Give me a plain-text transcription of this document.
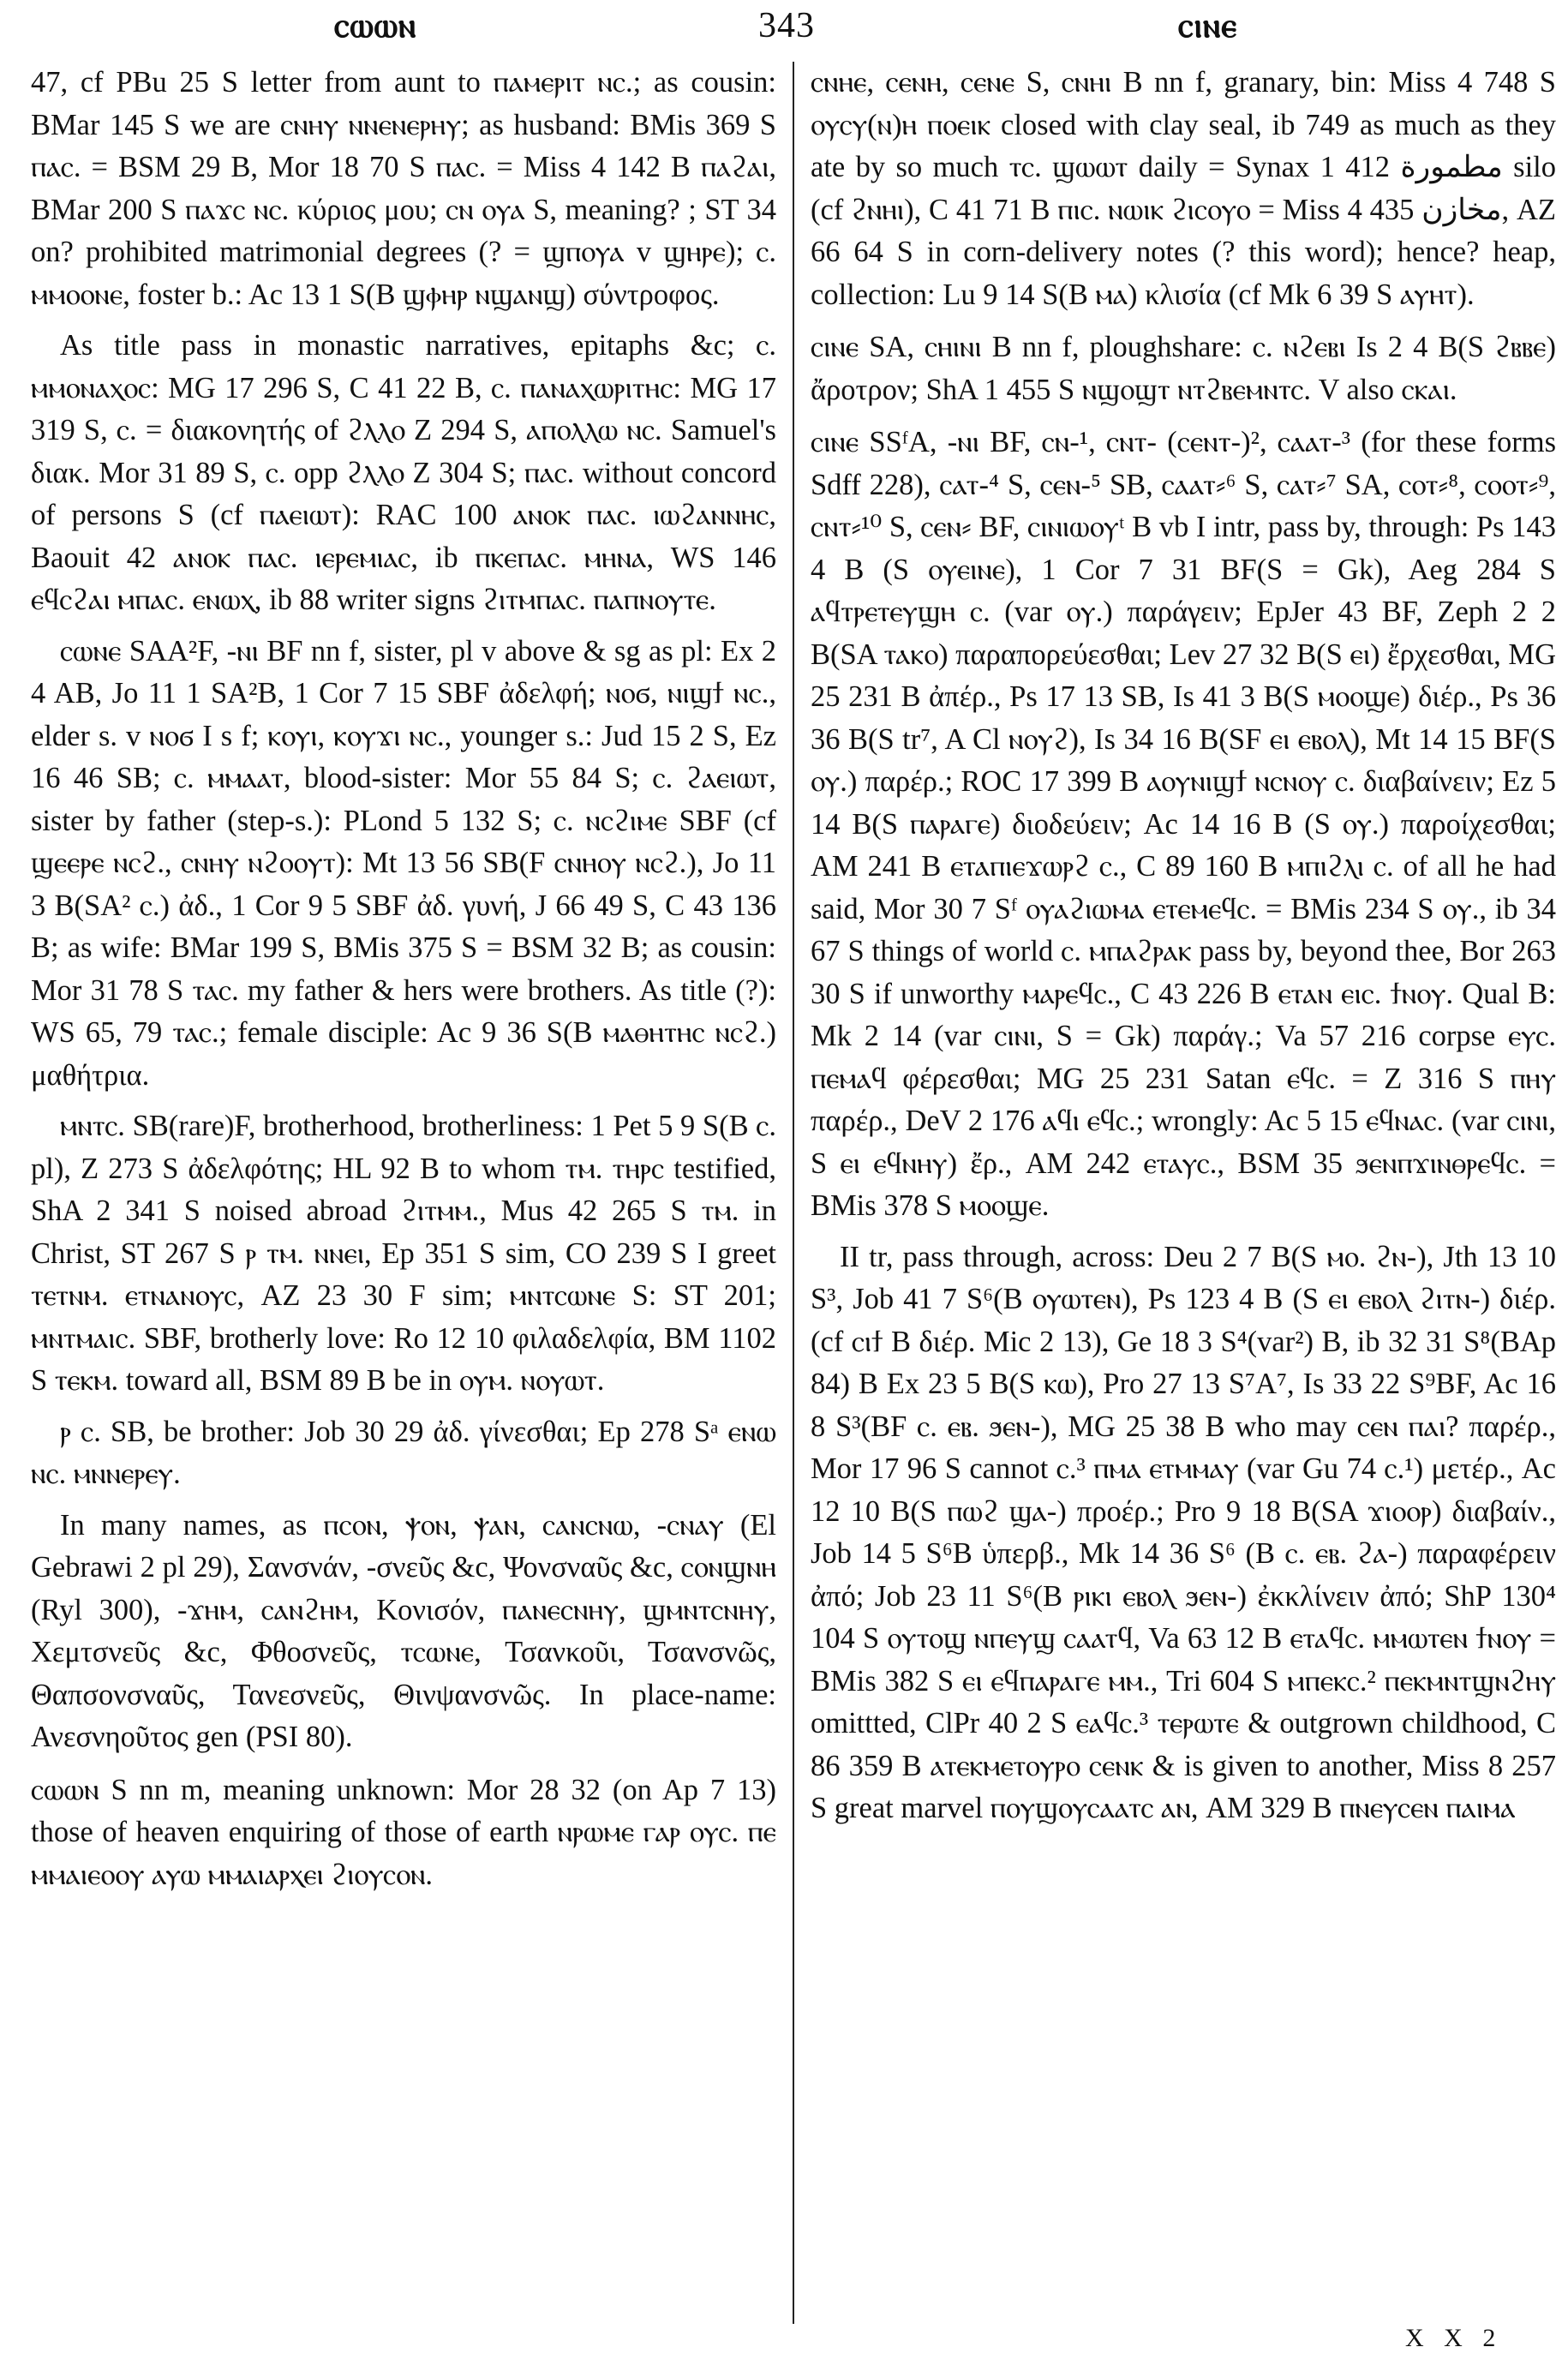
ⲥⲱⲱⲛ	343	ⲥⲓⲛⲉ

47, cf PBu 25 S letter from aunt to ⲡⲁⲙⲉⲣⲓⲧ ⲛⲥ.; as cousin: BMar 145 S we are ⲥⲛⲏⲩ ⲛⲛⲉⲛⲉⲣⲏⲩ; as husband: BMis 369 S ⲡⲁⲥ. = BSM 29 B, Mor 18 70 S ⲡⲁⲥ. = Miss 4 142 B ⲡⲁϩⲁⲓ, BMar 200 S ⲡⲁϫⲥ ⲛⲥ. κύριος μου; ⲥⲛ ⲟⲩⲁ S, meaning? ; ST 34 on? prohibited matrimonial degrees (? = ϣⲡⲟⲩⲁ v ϣⲏⲣⲉ); ⲥ. ⲙⲙⲟⲟⲛⲉ, foster b.: Ac 13 1 S(B ϣⲫⲏⲣ ⲛϣⲁⲛϣ) σύντροφος.

As title pass in monastic narratives, epitaphs &c; ⲥ. ⲙⲙⲟⲛⲁⲭⲟⲥ: MG 17 296 S, C 41 22 B, ⲥ. ⲡⲁⲛⲁⲭⲱⲣⲓⲧⲏⲥ: MG 17 319 S, ⲥ. = διακονητής of ϩⲗⲗⲟ Z 294 S, ⲁⲡⲟⲗⲗⲱ ⲛⲥ. Samuel's διακ. Mor 31 89 S, ⲥ. opp ϩⲗⲗⲟ Z 304 S; ⲡⲁⲥ. without concord of persons S (cf ⲡⲁⲉⲓⲱⲧ): RAC 100 ⲁⲛⲟⲕ ⲡⲁⲥ. ⲓⲱϩⲁⲛⲛⲏⲥ, Baouit 42 ⲁⲛⲟⲕ ⲡⲁⲥ. ⲓⲉⲣⲉⲙⲓⲁⲥ, ib ⲡⲕⲉⲡⲁⲥ. ⲙⲏⲛⲁ, WS 146 ⲉϥⲥϩⲁⲓ ⲙⲡⲁⲥ. ⲉⲛⲱⲭ, ib 88 writer signs ϩⲓⲧⲙⲡⲁⲥ. ⲡⲁⲡⲛⲟⲩⲧⲉ.

ⲥⲱⲛⲉ SAA²F, -ⲛⲓ BF nn f, sister, pl v above & sg as pl: Ex 2 4 AB, Jo 11 1 SA²B, 1 Cor 7 15 SBF ἀδελφή; ⲛⲟϭ, ⲛⲓϣϯ ⲛⲥ., elder s. v ⲛⲟϭ I s f; ⲕⲟⲩⲓ, ⲕⲟⲩϫⲓ ⲛⲥ., younger s.: Jud 15 2 S, Ez 16 46 SB; ⲥ. ⲙⲙⲁⲁⲧ, blood-sister: Mor 55 84 S; ⲥ. ϩⲁⲉⲓⲱⲧ, sister by father (step-s.): PLond 5 132 S; ⲥ. ⲛⲥϩⲓⲙⲉ SBF (cf ϣⲉⲉⲣⲉ ⲛⲥϩ., ⲥⲛⲏⲩ ⲛϩⲟⲟⲩⲧ): Mt 13 56 SB(F ⲥⲛⲏⲟⲩ ⲛⲥϩ.), Jo 11 3 B(SA² ⲥ.) ἀδ., 1 Cor 9 5 SBF ἀδ. γυνή, J 66 49 S, C 43 136 B; as wife: BMar 199 S, BMis 375 S = BSM 32 B; as cousin: Mor 31 78 S ⲧⲁⲥ. my father & hers were brothers. As title (?): WS 65, 79 ⲧⲁⲥ.; female disciple: Ac 9 36 S(B ⲙⲁⲑⲏⲧⲏⲥ ⲛⲥϩ.) μαθήτρια.

ⲙⲛⲧⲥ. SB(rare)F, brotherhood, brotherliness: 1 Pet 5 9 S(B ⲥ. pl), Z 273 S ἀδελφότης; HL 92 B to whom ⲧⲙ. ⲧⲏⲣⲥ testified, ShA 2 341 S noised abroad ϩⲓⲧⲙⲙ., Mus 42 265 S ⲧⲙ. in Christ, ST 267 S ⲣ ⲧⲙ. ⲛⲛⲉⲓ, Ep 351 S sim, CO 239 S I greet ⲧⲉⲧⲛⲙ. ⲉⲧⲛⲁⲛⲟⲩⲥ, AZ 23 30 F sim; ⲙⲛⲧⲥⲱⲛⲉ S: ST 201; ⲙⲛⲧⲙⲁⲓⲥ. SBF, brotherly love: Ro 12 10 φιλαδελφία, BM 1102 S ⲧⲉⲕⲙ. toward all, BSM 89 B be in ⲟⲩⲙ. ⲛⲟⲩⲱⲧ.

ⲣ ⲥ. SB, be brother: Job 30 29 ἀδ. γίνεσθαι; Ep 278 Sᵃ ⲉⲛⲱ ⲛⲥ. ⲙⲛⲛⲉⲣⲉⲩ.

In many names, as ⲡⲥⲟⲛ, ⲯⲟⲛ, ⲯⲁⲛ, ⲥⲁⲛⲥⲛⲱ, -ⲥⲛⲁⲩ (El Gebrawi 2 pl 29), Σανσνάν, -σνεῦς &c, Ψονσναῦς &c, ⲥⲟⲛϣⲛⲏ (Ryl 300), -ϫⲏⲙ, ⲥⲁⲛϩⲏⲙ, Κονισόν, ⲡⲁⲛⲉⲥⲛⲏⲩ, ϣⲙⲛⲧⲥⲛⲏⲩ, Χεμτσνεῦς &c, Φθοσνεῦς, ⲧⲥⲱⲛⲉ, Τσανκοῦι, Τσανσνῶς, Θαπσονσναῦς, Τανεσνεῦς, Θινψανσνῶς. In place-name: Ανεσνηοῦτος gen (PSI 80).

ⲥⲱⲱⲛ S nn m, meaning unknown: Mor 28 32 (on Ap 7 13) those of heaven enquiring of those of earth ⲛⲣⲱⲙⲉ ⲅⲁⲣ ⲟⲩⲥ. ⲡⲉ ⲙⲙⲁⲓⲉⲟⲟⲩ ⲁⲩⲱ ⲙⲙⲁⲓⲁⲣⲭⲉⲓ ϩⲓⲟⲩⲥⲟⲛ.

ⲥⲛⲏⲉ, ⲥⲉⲛⲏ, ⲥⲉⲛⲉ S, ⲥⲛⲏⲓ B nn f, granary, bin: Miss 4 748 S ⲟⲩⲥⲩ(ⲛ)ⲏ ⲡⲟⲉⲓⲕ closed with clay seal, ib 749 as much as they ate by so much ⲧⲥ. ϣⲱⲱⲧ daily = Synax 1 412 مطمورة silo (cf ϩⲛⲏⲓ), C 41 71 B ⲡⲓⲥ. ⲛⲱⲓⲕ ϩⲓⲥⲟⲩⲟ = Miss 4 435 مخازن, AZ 66 64 S in corn-delivery notes (? this word); hence? heap, collection: Lu 9 14 S(B ⲙⲁ) κλισία (cf Mk 6 39 S ⲁⲩⲏⲧ).

ⲥⲓⲛⲉ SA, ⲥⲏⲓⲛⲓ B nn f, ploughshare: ⲥ. ⲛϩⲉⲃⲓ Is 2 4 B(S ϩⲃⲃⲉ) ἄροτρον; ShA 1 455 S ⲛϣⲟϣⲧ ⲛⲧϩⲃⲉⲙⲛⲧⲥ. V also ⲥⲕⲁⲓ.

ⲥⲓⲛⲉ SSᶠA, -ⲛⲓ BF, ⲥⲛ-¹, ⲥⲛⲧ- (ⲥⲉⲛⲧ-)², ⲥⲁⲁⲧ-³ (for these forms Sdff 228), ⲥⲁⲧ-⁴ S, ⲥⲉⲛ-⁵ SB, ⲥⲁⲁⲧ⸗⁶ S, ⲥⲁⲧ⸗⁷ SA, ⲥⲟⲧ⸗⁸, ⲥⲟⲟⲧ⸗⁹, ⲥⲛⲧ⸗¹⁰ S, ⲥⲉⲛ⸗ BF, ⲥⲓⲛⲓⲱⲟⲩᵗ B vb I intr, pass by, through: Ps 143 4 B (S ⲟⲩⲉⲓⲛⲉ), 1 Cor 7 31 BF(S = Gk), Aeg 284 S ⲁϥⲧⲣⲉⲧⲉⲩϣⲏ ⲥ. (var ⲟⲩ.) παράγειν; EpJer 43 BF, Zeph 2 2 B(SA ⲧⲁⲕⲟ) παραπορεύεσθαι; Lev 27 32 B(S ⲉⲓ) ἔρχεσθαι, MG 25 231 B ἀπέρ., Ps 17 13 SB, Is 41 3 B(S ⲙⲟⲟϣⲉ) διέρ., Ps 36 36 B(S tr⁷, A Cl ⲛⲟⲩϩ), Is 34 16 B(SF ⲉⲓ ⲉⲃⲟⲗ), Mt 14 15 BF(S ⲟⲩ.) παρέρ.; ROC 17 399 B ⲁⲟⲩⲛⲓϣϯ ⲛⲥⲛⲟⲩ ⲥ. διαβαίνειν; Ez 5 14 B(S ⲡⲁⲣⲁⲅⲉ) διοδεύειν; Ac 14 16 B (S ⲟⲩ.) παροίχεσθαι; AM 241 B ⲉⲧⲁⲡⲓⲉϫⲱⲣϩ ⲥ., C 89 160 B ⲙⲡⲓϩⲗⲓ ⲥ. of all he had said, Mor 30 7 Sᶠ ⲟⲩⲁϩⲓⲱⲙⲁ ⲉⲧⲉⲙⲉϥⲥ. = BMis 234 S ⲟⲩ., ib 34 67 S things of world ⲥ. ⲙⲡⲁϩⲣⲁⲕ pass by, beyond thee, Bor 263 30 S if unworthy ⲙⲁⲣⲉϥⲥ., C 43 226 B ⲉⲧⲁⲛ ⲉⲓⲥ. ϯⲛⲟⲩ. Qual B: Mk 2 14 (var ⲥⲓⲛⲓ, S = Gk) παράγ.; Va 57 216 corpse ⲉⲩⲥ. ⲡⲉⲙⲁϥ φέρεσθαι; MG 25 231 Satan ⲉϥⲥ. = Z 316 S ⲡⲏⲩ παρέρ., DeV 2 176 ⲁϥⲓ ⲉϥⲥ.; wrongly: Ac 5 15 ⲉϥⲛⲁⲥ. (var ⲥⲓⲛⲓ, S ⲉⲓ ⲉϥⲛⲏⲩ) ἔρ., AM 242 ⲉⲧⲁⲩⲥ., BSM 35 ϧⲉⲛⲡϫⲓⲛⲑⲣⲉϥⲥ. = BMis 378 S ⲙⲟⲟϣⲉ.

II tr, pass through, across: Deu 2 7 B(S ⲙⲟ. ϩⲛ-), Jth 13 10 S³, Job 41 7 S⁶(B ⲟⲩⲱⲧⲉⲛ), Ps 123 4 B (S ⲉⲓ ⲉⲃⲟⲗ ϩⲓⲧⲛ-) διέρ. (cf ⲥⲓϯ B διέρ. Mic 2 13), Ge 18 3 S⁴(var²) B, ib 32 31 S⁸(BAp 84) B Ex 23 5 B(S ⲕⲱ), Pro 27 13 S⁷A⁷, Is 33 22 S⁹BF, Ac 16 8 S³(BF ⲥ. ⲉⲃ. ϧⲉⲛ-), MG 25 38 B who may ⲥⲉⲛ ⲡⲁⲓ? παρέρ., Mor 17 96 S cannot ⲥ.³ ⲡⲙⲁ ⲉⲧⲙⲙⲁⲩ (var Gu 74 ⲥ.¹) μετέρ., Ac 12 10 B(S ⲡⲱϩ ϣⲁ-) προέρ.; Pro 9 18 B(SA ϫⲓⲟⲟⲣ) διαβαίν., Job 14 5 S⁶B ὑπερβ., Mk 14 36 S⁶ (B ⲥ. ⲉⲃ. ϩⲁ-) παραφέρειν ἀπό; Job 23 11 S⁶(B ⲣⲓⲕⲓ ⲉⲃⲟⲗ ϧⲉⲛ-) ἐκκλίνειν ἀπό; ShP 130⁴ 104 S ⲟⲩⲧⲟϣ ⲛⲡⲉⲩϣ ⲥⲁⲁⲧϥ, Va 63 12 B ⲉⲧⲁϥⲥ. ⲙⲙⲱⲧⲉⲛ ϯⲛⲟⲩ = BMis 382 S ⲉⲓ ⲉϥⲡⲁⲣⲁⲅⲉ ⲙⲙ., Tri 604 S ⲙⲡⲉⲕⲥ.² ⲡⲉⲕⲙⲛⲧϣⲛϩⲏⲩ omittted, ClPr 40 2 S ⲉⲁϥⲥ.³ ⲧⲉⲣⲱⲧⲉ & outgrown childhood, C 86 359 B ⲁⲧⲉⲕⲙⲉⲧⲟⲩⲣⲟ ⲥⲉⲛⲕ & is given to another, Miss 8 257 S great marvel ⲡⲟⲩϣⲟⲩⲥⲁⲁⲧⲥ ⲁⲛ, AM 329 B ⲡⲛⲉⲩⲥⲉⲛ ⲡⲁⲓⲙⲁ

X X 2
